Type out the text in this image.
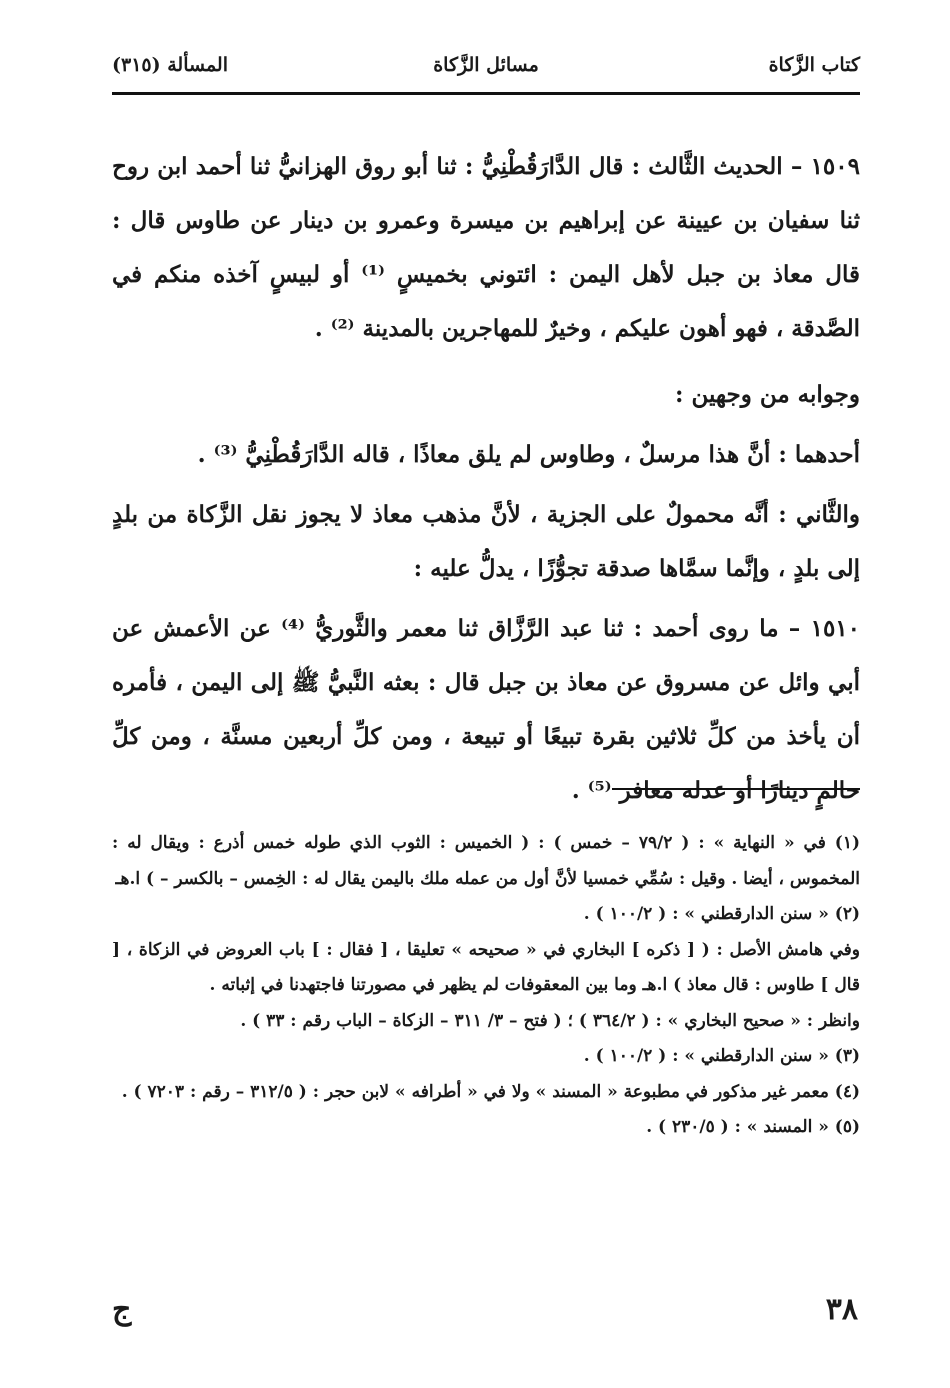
كتاب الزَّكاة
مسائل الزَّكاة
المسألة (٣١٥)

١٥٠٩ – الحديث الثَّالث : قال الدَّارَقُطْنِيُّ : ثنا أبو روق الهزانيُّ ثنا أحمد ابن روح ثنا سفيان بن عيينة عن إبراهيم بن ميسرة وعمرو بن دينار عن طاوس قال : قال معاذ بن جبل لأهل اليمن : ائتوني بخميسٍ ⁽¹⁾ أو لبيسٍ آخذه منكم في الصَّدقة ، فهو أهون عليكم ، وخيرٌ للمهاجرين بالمدينة ⁽²⁾ .

وجوابه من وجهين :

أحدهما : أنَّ هذا مرسلٌ ، وطاوس لم يلق معاذًا ، قاله الدَّارَقُطْنِيُّ ⁽³⁾ .

والثَّاني : أنَّه محمولٌ على الجزية ، لأنَّ مذهب معاذ لا يجوز نقل الزَّكاة من بلدٍ إلى بلدٍ ، وإنَّما سمَّاها صدقة تجوُّزًا ، يدلُّ عليه :

١٥١٠ – ما روى أحمد : ثنا عبد الرَّزَّاق ثنا معمر والثَّوريُّ ⁽⁴⁾ عن الأعمش عن أبي وائل عن مسروق عن معاذ بن جبل قال : بعثه النَّبيُّ ﷺ إلى اليمن ، فأمره أن يأخذ من كلِّ ثلاثين بقرة تبيعًا أو تبيعة ، ومن كلِّ أربعين مسنَّة ، ومن كلِّ حالمٍ دينارًا أو عدله معافر ⁽⁵⁾ .

(١) في « النهاية » : ( ٧٩/٢ – خمس ) : ( الخميس : الثوب الذي طوله خمس أذرع : ويقال له : المخموس ، أيضا . وقيل : سُمِّي خمسيا لأنَّ أول من عمله ملك باليمن يقال له : الخِمس – بالكسر – ) ا.هـ

(٢) « سنن الدارقطني » : ( ١٠٠/٢ ) .

وفي هامش الأصل : ( [ ذكره ] البخاري في « صحيحه » تعليقا ، [ فقال : ] باب العروض في الزكاة ، [ قال ] طاوس : قال معاذ ) ا.هـ وما بين المعقوفات لم يظهر في مصورتنا فاجتهدنا في إثباته .

وانظر : « صحيح البخاري » : ( ٣٦٤/٢ ) ؛ ( فتح – ٣/ ٣١١ – الزكاة – الباب رقم : ٣٣ ) .

(٣) « سنن الدارقطني » : ( ١٠٠/٢ ) .

(٤) معمر غير مذكور في مطبوعة « المسند » ولا في « أطرافه » لابن حجر : ( ٣١٢/٥ – رقم : ٧٢٠٣ ) .

(٥) « المسند » : ( ٢٣٠/٥ ) .

٣٨
ج
